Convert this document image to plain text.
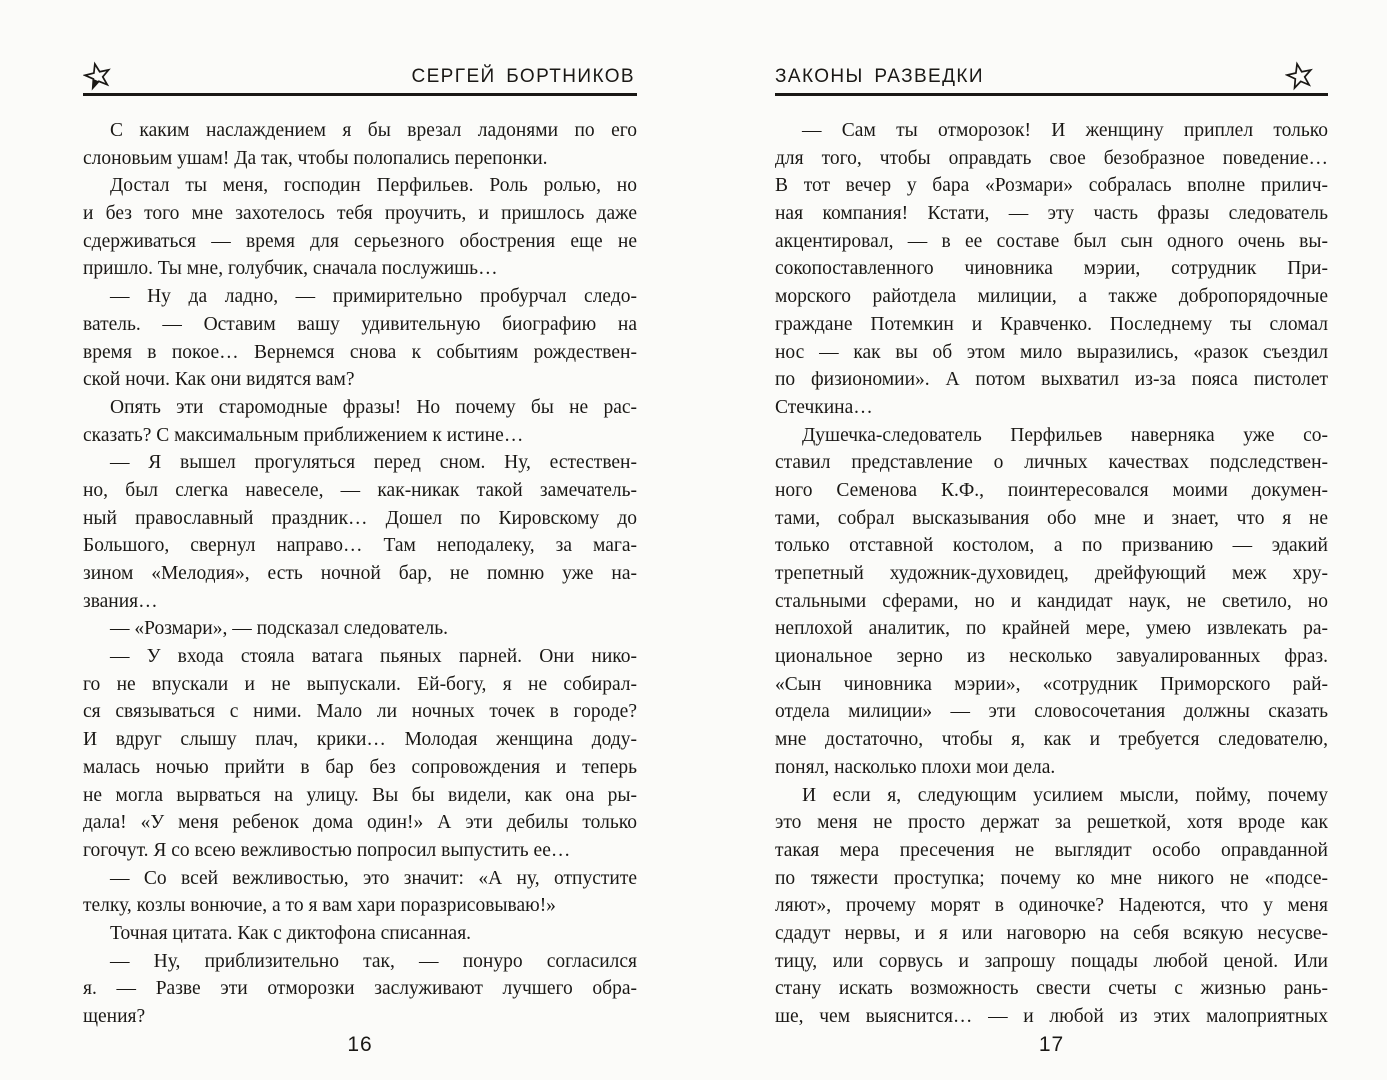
СЕРГЕЙ БОРТНИКОВ
С каким наслаждением я бы врезал ладонями по его
слоновьим ушам! Да так, чтобы полопались перепонки.
Достал ты меня, господин Перфильев. Роль ролью, но
и без того мне захотелось тебя проучить, и пришлось даже
сдерживаться — время для серьезного обострения еще не
пришло. Ты мне, голубчик, сначала послужишь…
— Ну да ладно, — примирительно пробурчал следо-
ватель. — Оставим вашу удивительную биографию на
время в покое… Вернемся снова к событиям рождествен-
ской ночи. Как они видятся вам?
Опять эти старомодные фразы! Но почему бы не рас-
сказать? С максимальным приближением к истине…
— Я вышел прогуляться перед сном. Ну, естествен-
но, был слегка навеселе, — как-никак такой замечатель-
ный православный праздник… Дошел по Кировскому до
Большого, свернул направо… Там неподалеку, за мага-
зином «Мелодия», есть ночной бар, не помню уже на-
звания…
— «Розмари», — подсказал следователь.
— У входа стояла ватага пьяных парней. Они нико-
го не впускали и не выпускали. Ей-богу, я не собирал-
ся связываться с ними. Мало ли ночных точек в городе?
И вдруг слышу плач, крики… Молодая женщина доду-
малась ночью прийти в бар без сопровождения и теперь
не могла вырваться на улицу. Вы бы видели, как она ры-
дала! «У меня ребенок дома один!» А эти дебилы только
гогочут. Я со всею вежливостью попросил выпустить ее…
— Со всей вежливостью, это значит: «А ну, отпустите
телку, козлы вонючие, а то я вам хари поразрисовываю!»
Точная цитата. Как с диктофона списанная.
— Ну, приблизительно так, — понуро согласился
я. — Разве эти отморозки заслуживают лучшего обра-
щения?
16
ЗАКОНЫ РАЗВЕДКИ
— Сам ты отморозок! И женщину приплел только
для того, чтобы оправдать свое безобразное поведение…
В тот вечер у бара «Розмари» собралась вполне прилич-
ная компания! Кстати, — эту часть фразы следователь
акцентировал, — в ее составе был сын одного очень вы-
сокопоставленного чиновника мэрии, сотрудник При-
морского райотдела милиции, а также добропорядочные
граждане Потемкин и Кравченко. Последнему ты сломал
нос — как вы об этом мило выразились, «разок съездил
по физиономии». А потом выхватил из-за пояса пистолет
Стечкина…
Душечка-следователь Перфильев наверняка уже со-
ставил представление о личных качествах подследствен-
ного Семенова К.Ф., поинтересовался моими докумен-
тами, собрал высказывания обо мне и знает, что я не
только отставной костолом, а по призванию — эдакий
трепетный художник-духовидец, дрейфующий меж хру-
стальными сферами, но и кандидат наук, не светило, но
неплохой аналитик, по крайней мере, умею извлекать ра-
циональное зерно из несколько завуалированных фраз.
«Сын чиновника мэрии», «сотрудник Приморского рай-
отдела милиции» — эти словосочетания должны сказать
мне достаточно, чтобы я, как и требуется следователю,
понял, насколько плохи мои дела.
И если я, следующим усилием мысли, пойму, почему
это меня не просто держат за решеткой, хотя вроде как
такая мера пресечения не выглядит особо оправданной
по тяжести проступка; почему ко мне никого не «подсе-
ляют», прочему морят в одиночке? Надеются, что у меня
сдадут нервы, и я или наговорю на себя всякую несусве-
тицу, или сорвусь и запрошу пощады любой ценой. Или
стану искать возможность свести счеты с жизнью рань-
ше, чем выяснится… — и любой из этих малоприятных
17
